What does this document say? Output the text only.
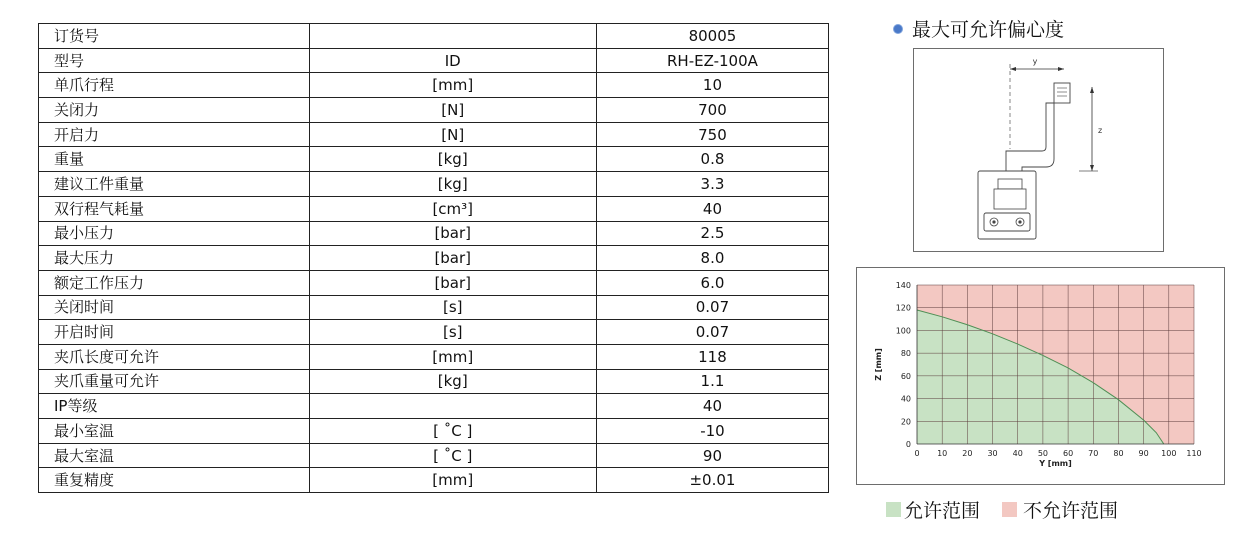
订货号		80005
型号	ID	RH-EZ-100A
单爪行程	[mm]	10
关闭力	[N]	700
开启力	[N]	750
重量	[kg]	0.8
建议工件重量	[kg]	3.3
双行程气耗量	[cm³]	40
最小压力	[bar]	2.5
最大压力	[bar]	8.0
额定工作压力	[bar]	6.0
关闭时间	[s]	0.07
开启时间	[s]	0.07
夹爪长度可允许	[mm]	118
夹爪重量可允许	[kg]	1.1
IP等级		40
最小室温	[ ˚C ]	-10
最大室温	[ ˚C ]	90
重复精度	[mm]	±0.01
最大可允许偏心度
y
z
0 10 20 30 40 50 60 70 80 90 100 110
0
20
40
60
80
100
120
140
Y [mm]
Z [mm]
允许范围 不允许范围
